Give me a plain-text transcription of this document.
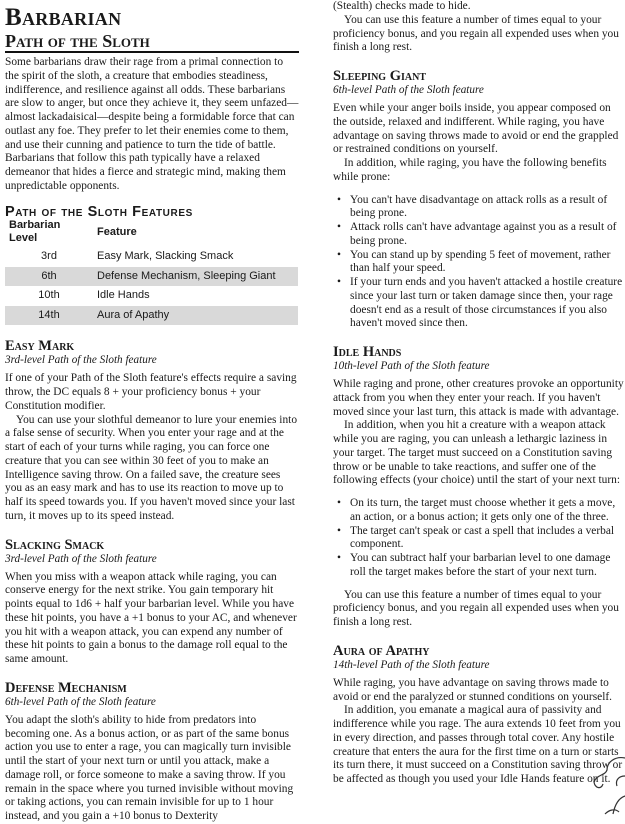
Barbarian
Path of the Sloth

Some barbarians draw their rage from a primal connection to the spirit of the sloth, a creature that embodies steadiness, indifference, and resilience against all odds. These barbarians are slow to anger, but once they achieve it, they seem unfazed—almost lackadaisical—despite being a formidable force that can outlast any foe. They prefer to let their enemies come to them, and use their cunning and patience to turn the tide of battle. Barbarians that follow this path typically have a relaxed demeanor that hides a fierce and strategic mind, making them unpredictable opponents.

Path of the Sloth Features
Barbarian Level	Feature
3rd	Easy Mark, Slacking Smack
6th	Defense Mechanism, Sleeping Giant
10th	Idle Hands
14th	Aura of Apathy
Easy Mark
3rd-level Path of the Sloth feature

If one of your Path of the Sloth feature's effects require a saving throw, the DC equals 8 + your proficiency bonus + your Constitution modifier.

You can use your slothful demeanor to lure your enemies into a false sense of security. When you enter your rage and at the start of each of your turns while raging, you can force one creature that you can see within 30 feet of you to make an Intelligence saving throw. On a failed save, the creature sees you as an easy mark and has to use its reaction to move up to half its speed towards you. If you haven't moved since your last turn, it moves up to its speed instead.

Slacking Smack
3rd-level Path of the Sloth feature

When you miss with a weapon attack while raging, you can conserve energy for the next strike. You gain temporary hit points equal to 1d6 + half your barbarian level. While you have these hit points, you have a +1 bonus to your AC, and whenever you hit with a weapon attack, you can expend any number of these hit points to gain a bonus to the damage roll equal to the same amount.

Defense Mechanism
6th-level Path of the Sloth feature

You adapt the sloth's ability to hide from predators into becoming one. As a bonus action, or as part of the same bonus action you use to enter a rage, you can magically turn invisible until the start of your next turn or until you attack, make a damage roll, or force someone to make a saving throw. If you remain in the space where you turned invisible without moving or taking actions, you can remain invisible for up to 1 hour instead, and you gain a +10 bonus to Dexterity

(Stealth) checks made to hide.

You can use this feature a number of times equal to your proficiency bonus, and you regain all expended uses when you finish a long rest.

Sleeping Giant
6th-level Path of the Sloth feature

Even while your anger boils inside, you appear composed on the outside, relaxed and indifferent. While raging, you have advantage on saving throws made to avoid or end the grappled or restrained conditions on yourself.

In addition, while raging, you have the following benefits while prone:

• You can't have disadvantage on attack rolls as a result of being prone.
• Attack rolls can't have advantage against you as a result of being prone.
• You can stand up by spending 5 feet of movement, rather than half your speed.
• If your turn ends and you haven't attacked a hostile creature since your last turn or taken damage since then, your rage doesn't end as a result of those circumstances if you also haven't moved since then.
Idle Hands
10th-level Path of the Sloth feature

While raging and prone, other creatures provoke an opportunity attack from you when they enter your reach. If you haven't moved since your last turn, this attack is made with advantage.

In addition, when you hit a creature with a weapon attack while you are raging, you can unleash a lethargic laziness in your target. The target must succeed on a Constitution saving throw or be unable to take reactions, and suffer one of the following effects (your choice) until the start of your next turn:

• On its turn, the target must choose whether it gets a move, an action, or a bonus action; it gets only one of the three.
• The target can't speak or cast a spell that includes a verbal component.
• You can subtract half your barbarian level to one damage roll the target makes before the start of your next turn.

You can use this feature a number of times equal to your proficiency bonus, and you regain all expended uses when you finish a long rest.

Aura of Apathy
14th-level Path of the Sloth feature

While raging, you have advantage on saving throws made to avoid or end the paralyzed or stunned conditions on yourself.

In addition, you emanate a magical aura of passivity and indifference while you rage. The aura extends 10 feet from you in every direction, and passes through total cover. Any hostile creature that enters the aura for the first time on a turn or starts its turn there, it must succeed on a Constitution saving throw or be affected as though you used your Idle Hands feature on it.
